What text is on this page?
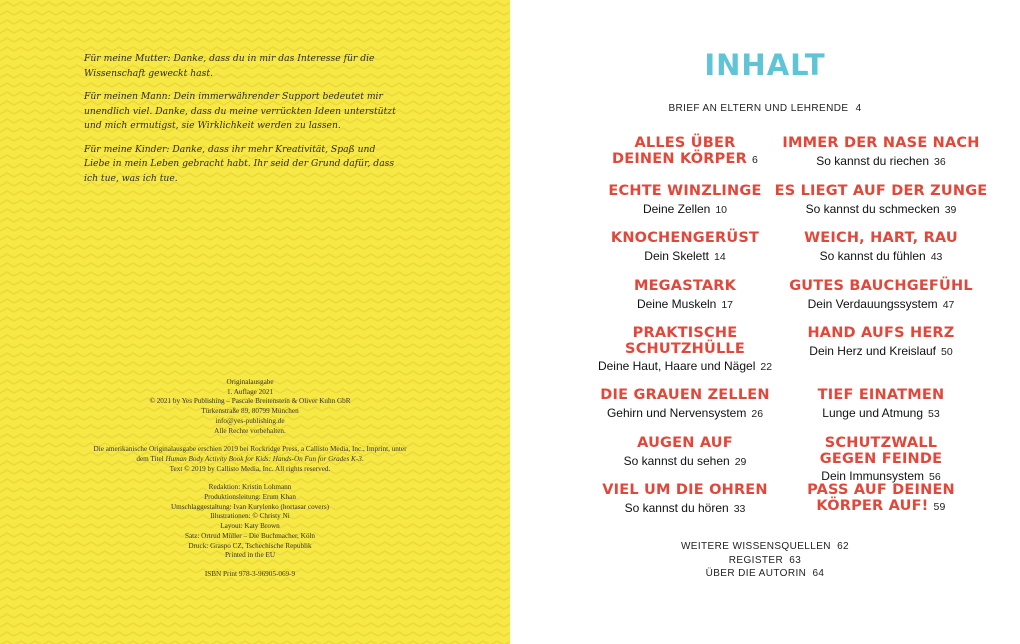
Für meine Mutter: Danke, dass du in mir das Interesse für die Wissenschaft geweckt hast.

Für meinen Mann: Dein immerwährender Support bedeutet mir unendlich viel. Danke, dass du meine verrückten Ideen unterstützt und mich ermutigst, sie Wirklichkeit werden zu lassen.

Für meine Kinder: Danke, dass ihr mehr Kreativität, Spaß und Liebe in mein Leben gebracht habt. Ihr seid der Grund dafür, dass ich tue, was ich tue.

Originalausgabe
1. Auflage 2021
© 2021 by Yes Publishing – Pascale Breitenstein & Oliver Kuhn GbR
Türkenstraße 89, 80799 München
info@yes-publishing.de
Alle Rechte vorbehalten.
Die amerikanische Originalausgabe erschien 2019 bei Rockridge Press, a Callisto Media, Inc., Imprint, unter
dem Titel Human Body Activity Book for Kids: Hands-On Fun for Grades K-3.
Text © 2019 by Callisto Media, Inc. All rights reserved.
Redaktion: Kristin Lohmann
Produktionsleitung: Erum Khan
Umschlaggestaltung: Ivan Kurylenko (hortasar covers)
Illustrationen: © Christy Ni
Layout: Katy Brown
Satz: Ortrud Müller – Die Buchmacher, Köln
Druck: Graspo CZ, Tschechische Republik
Printed in the EU
ISBN Print 978-3-96905-069-9
INHALT
BRIEF AN ELTERN UND LEHRENDE 4
ALLES ÜBER
DEINEN KÖRPER 6
ECHTE WINZLINGE
Deine Zellen 10
KNOCHENGERÜST
Dein Skelett 14
MEGASTARK
Deine Muskeln 17
PRAKTISCHE
SCHUTZHÜLLE
Deine Haut, Haare und Nägel 22
DIE GRAUEN ZELLEN
Gehirn und Nervensystem 26
AUGEN AUF
So kannst du sehen 29
VIEL UM DIE OHREN
So kannst du hören 33
IMMER DER NASE NACH
So kannst du riechen 36
ES LIEGT AUF DER ZUNGE
So kannst du schmecken 39
WEICH, HART, RAU
So kannst du fühlen 43
GUTES BAUCHGEFÜHL
Dein Verdauungssystem 47
HAND AUFS HERZ
Dein Herz und Kreislauf 50
TIEF EINATMEN
Lunge und Atmung 53
SCHUTZWALL
GEGEN FEINDE
Dein Immunsystem 56
PASS AUF DEINEN
KÖRPER AUF! 59
WEITERE WISSENSQUELLEN 62
REGISTER 63
ÜBER DIE AUTORIN 64
